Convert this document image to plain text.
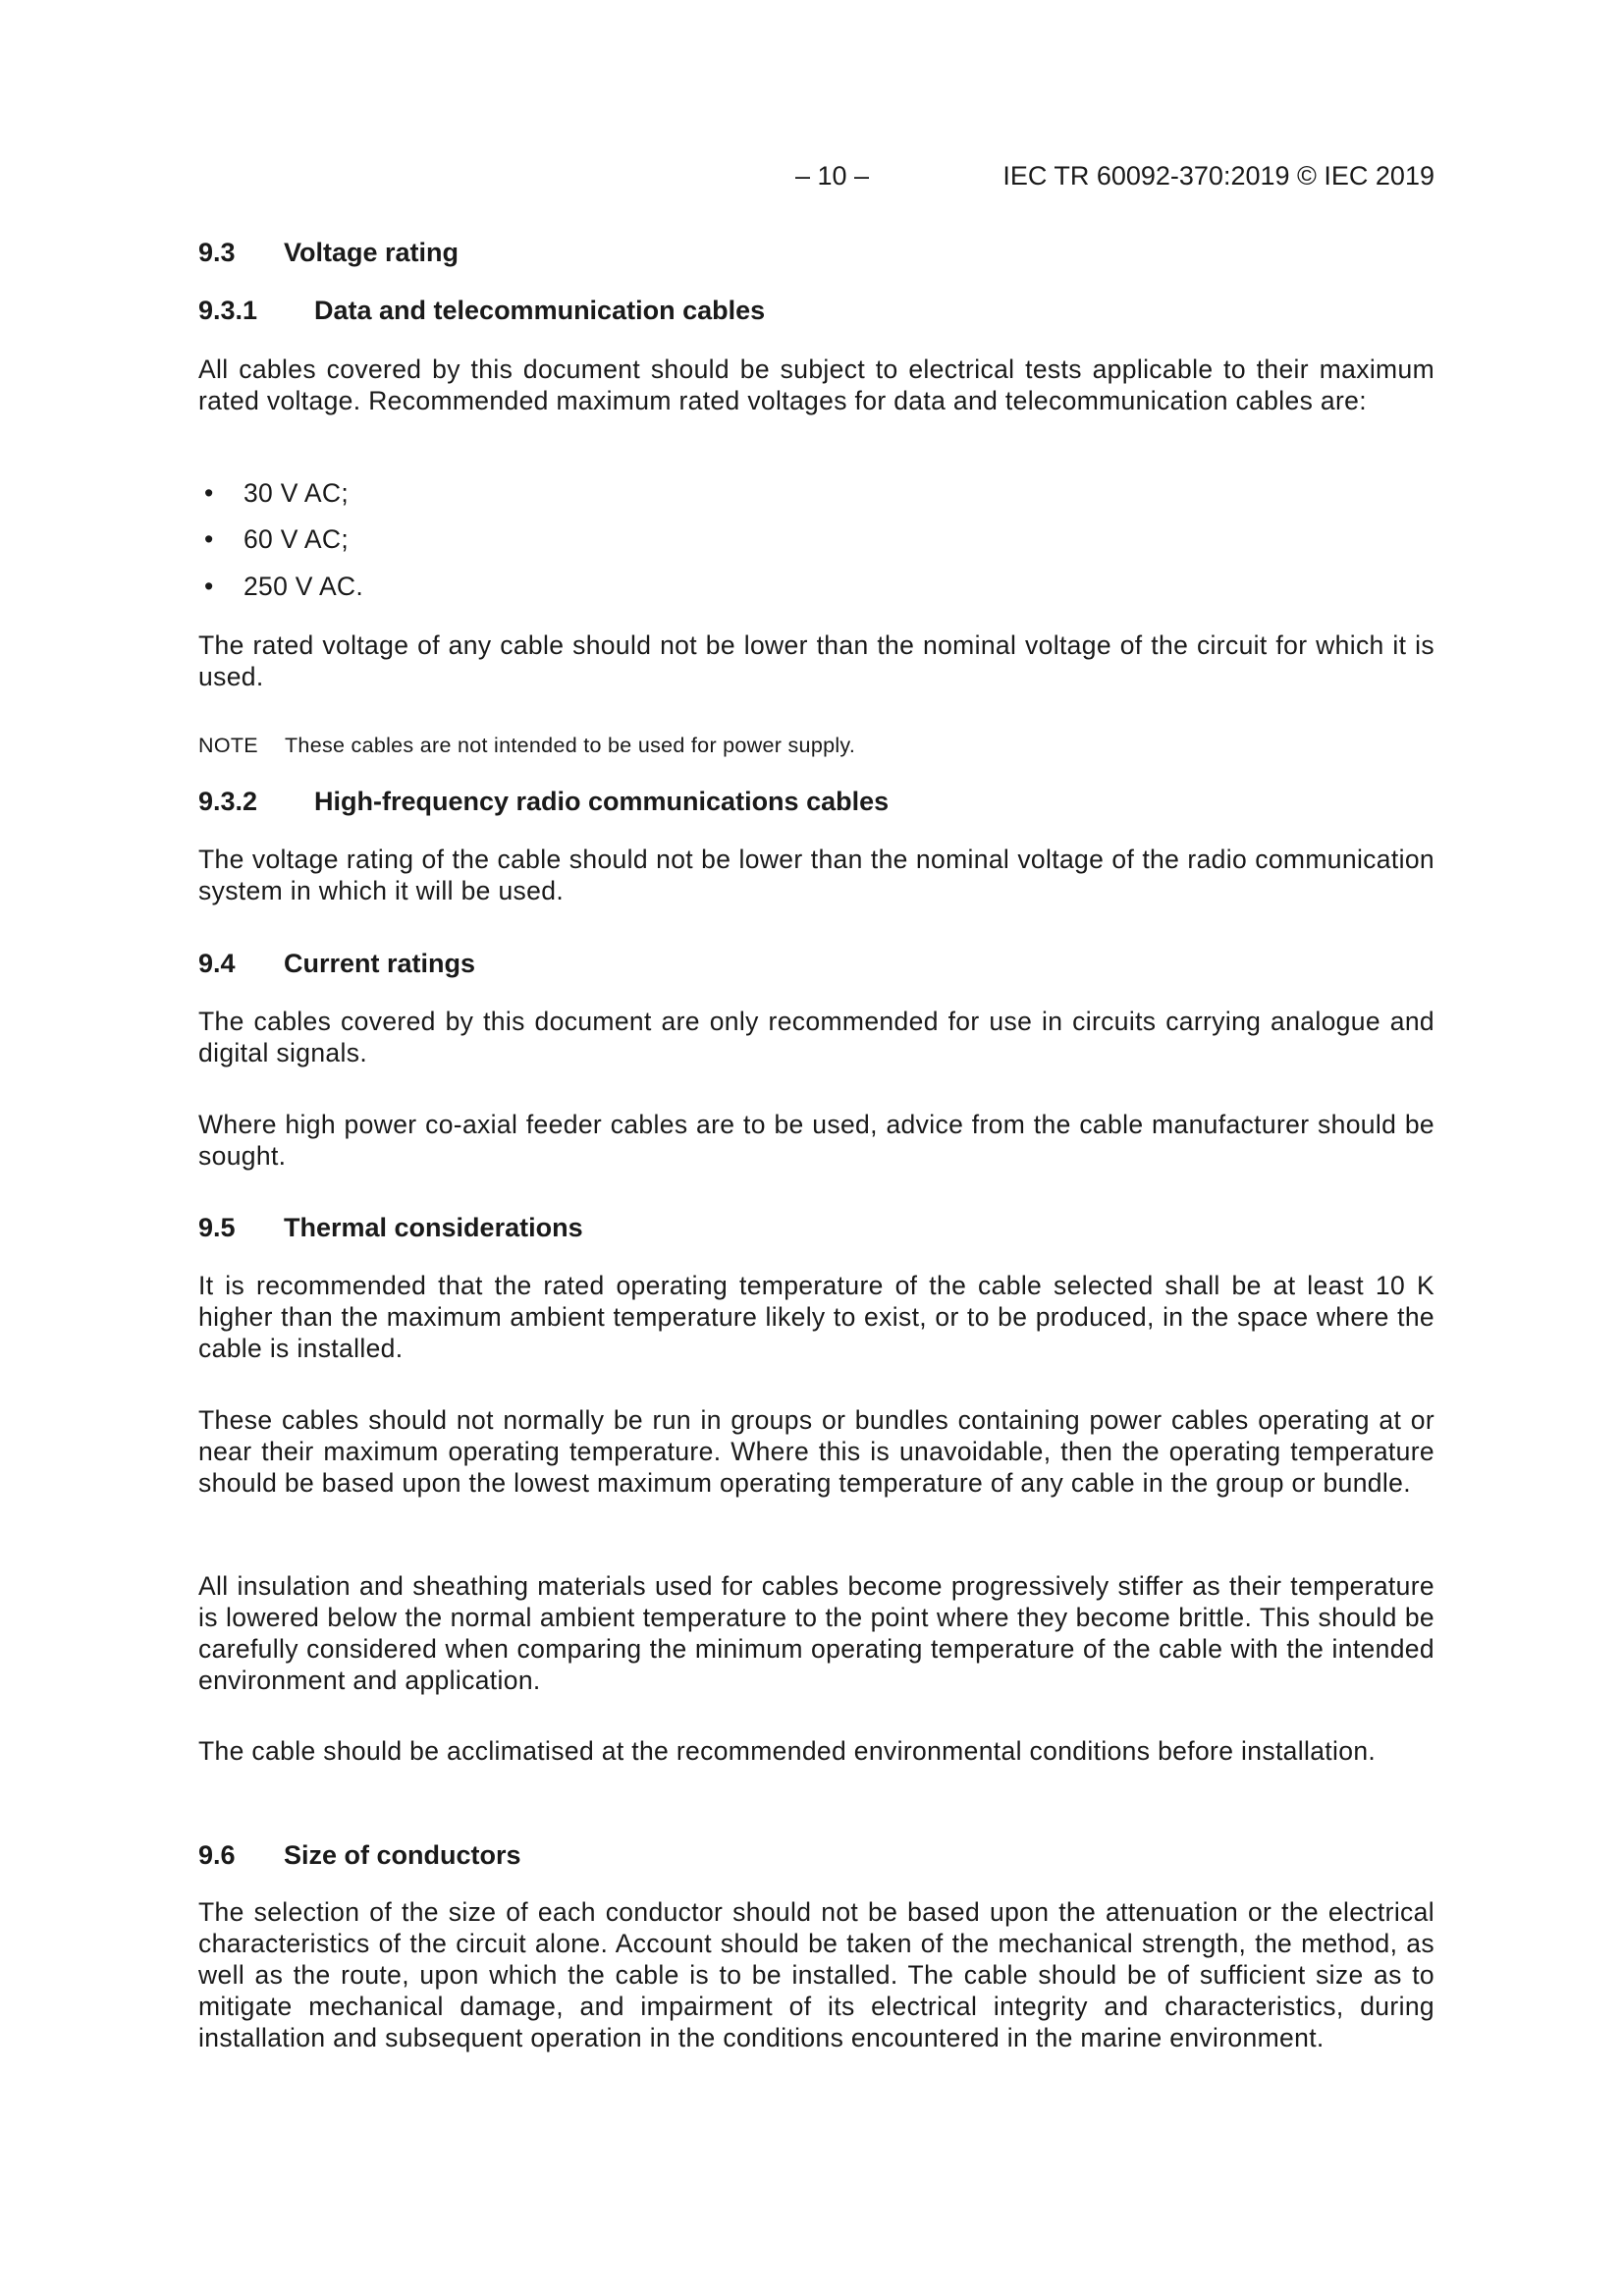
– 10 –	IEC TR 60092-370:2019 © IEC 2019
9.3 Voltage rating
9.3.1 Data and telecommunication cables

All cables covered by this document should be subject to electrical tests applicable to their maximum rated voltage. Recommended maximum rated voltages for data and telecommunication cables are:

• 30 V AC;
• 60 V AC;
• 250 V AC.

The rated voltage of any cable should not be lower than the nominal voltage of the circuit for which it is used.

NOTE These cables are not intended to be used for power supply.
9.3.2 High-frequency radio communications cables

The voltage rating of the cable should not be lower than the nominal voltage of the radio communication system in which it will be used.

9.4 Current ratings

The cables covered by this document are only recommended for use in circuits carrying analogue and digital signals.

Where high power co-axial feeder cables are to be used, advice from the cable manufacturer should be sought.

9.5 Thermal considerations

It is recommended that the rated operating temperature of the cable selected shall be at least 10 K higher than the maximum ambient temperature likely to exist, or to be produced, in the space where the cable is installed.

These cables should not normally be run in groups or bundles containing power cables operating at or near their maximum operating temperature. Where this is unavoidable, then the operating temperature should be based upon the lowest maximum operating temperature of any cable in the group or bundle.

All insulation and sheathing materials used for cables become progressively stiffer as their temperature is lowered below the normal ambient temperature to the point where they become brittle. This should be carefully considered when comparing the minimum operating temperature of the cable with the intended environment and application.

The cable should be acclimatised at the recommended environmental conditions before installation.

9.6 Size of conductors

The selection of the size of each conductor should not be based upon the attenuation or the electrical characteristics of the circuit alone. Account should be taken of the mechanical strength, the method, as well as the route, upon which the cable is to be installed. The cable should be of sufficient size as to mitigate mechanical damage, and impairment of its electrical integrity and characteristics, during installation and subsequent operation in the conditions encountered in the marine environment.
